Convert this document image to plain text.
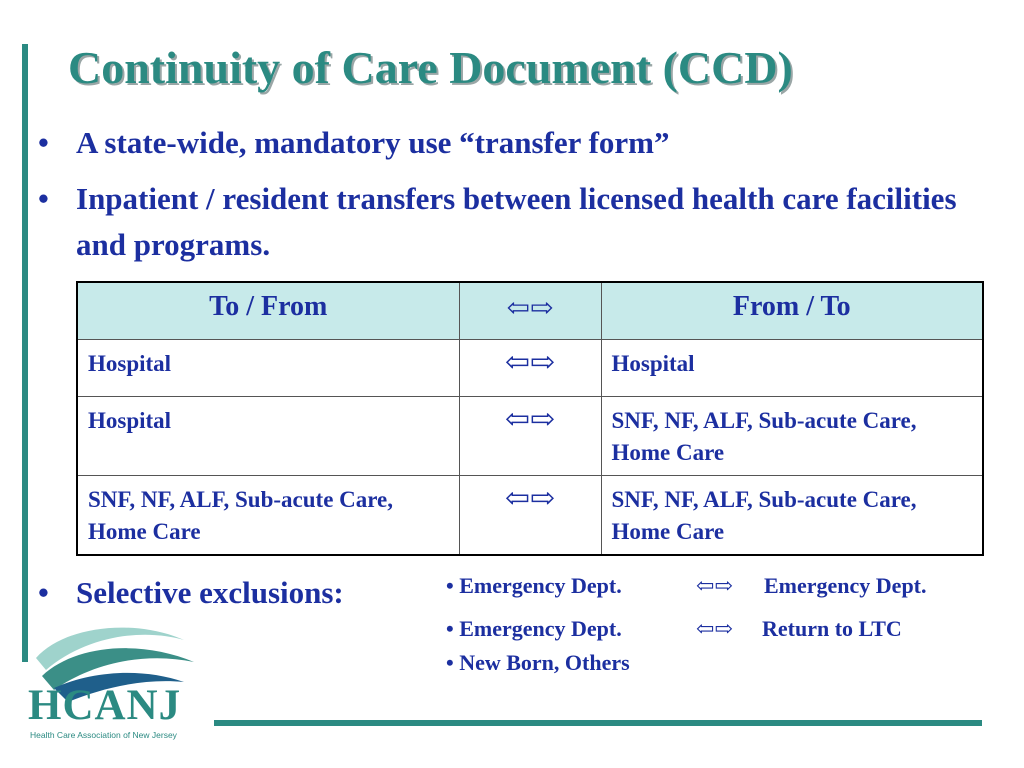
Continuity of Care Document (CCD)
• A state-wide, mandatory use “transfer form”
• Inpatient / resident transfers between licensed health care facilities and programs.
To / From	⇦⇨	From / To
Hospital	⇦⇨	Hospital
Hospital	⇦⇨	SNF, NF, ALF, Sub-acute Care, Home Care
SNF, NF, ALF, Sub-acute Care, Home Care	⇦⇨	SNF, NF, ALF, Sub-acute Care, Home Care
• Selective exclusions:	• Emergency Dept.	⇦⇨ Emergency Dept.
• Emergency Dept.	⇦⇨ Return to LTC
• New Born, Others
HCANJ
Health Care Association of New Jersey
